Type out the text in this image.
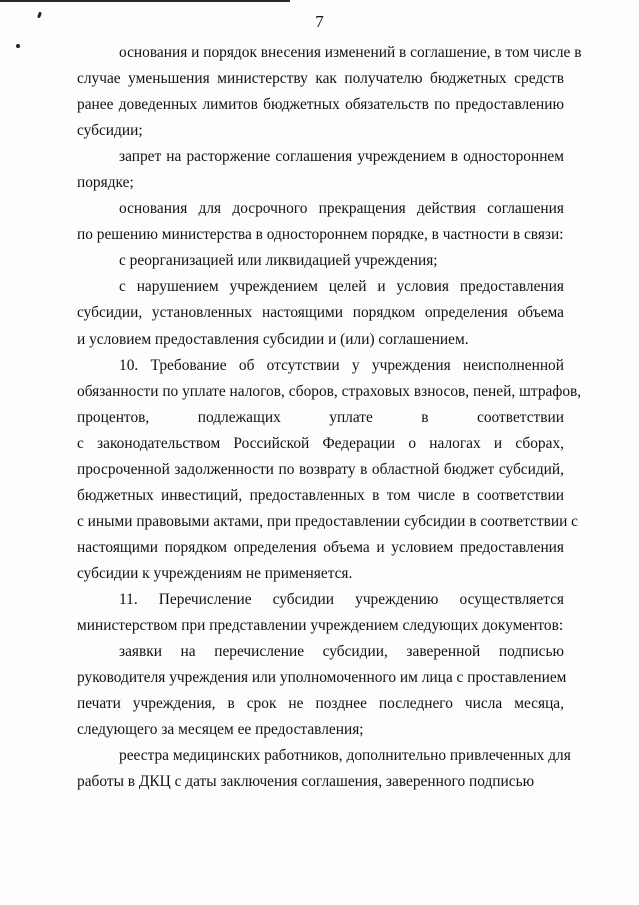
7
основания и порядок внесения изменений в соглашение, в том числе в
случае уменьшения министерству как получателю бюджетных средств
ранее доведенных лимитов бюджетных обязательств по предоставлению
субсидии;
запрет на расторжение соглашения учреждением в одностороннем
порядке;
основания для досрочного прекращения действия соглашения
по решению министерства в одностороннем порядке, в частности в связи:
с реорганизацией или ликвидацией учреждения;
с нарушением учреждением целей и условия предоставления
субсидии, установленных настоящими порядком определения объема
и условием предоставления субсидии и (или) соглашением.
10. Требование об отсутствии у учреждения неисполненной
обязанности по уплате налогов, сборов, страховых взносов, пеней, штрафов,
процентов, подлежащих уплате в соответствии
с законодательством Российской Федерации о налогах и сборах,
просроченной задолженности по возврату в областной бюджет субсидий,
бюджетных инвестиций, предоставленных в том числе в соответствии
с иными правовыми актами, при предоставлении субсидии в соответствии с
настоящими порядком определения объема и условием предоставления
субсидии к учреждениям не применяется.
11. Перечисление субсидии учреждению осуществляется
министерством при представлении учреждением следующих документов:
заявки на перечисление субсидии, заверенной подписью
руководителя учреждения или уполномоченного им лица с проставлением
печати учреждения, в срок не позднее последнего числа месяца,
следующего за месяцем ее предоставления;
реестра медицинских работников, дополнительно привлеченных для
работы в ДКЦ с даты заключения соглашения, заверенного подписью
